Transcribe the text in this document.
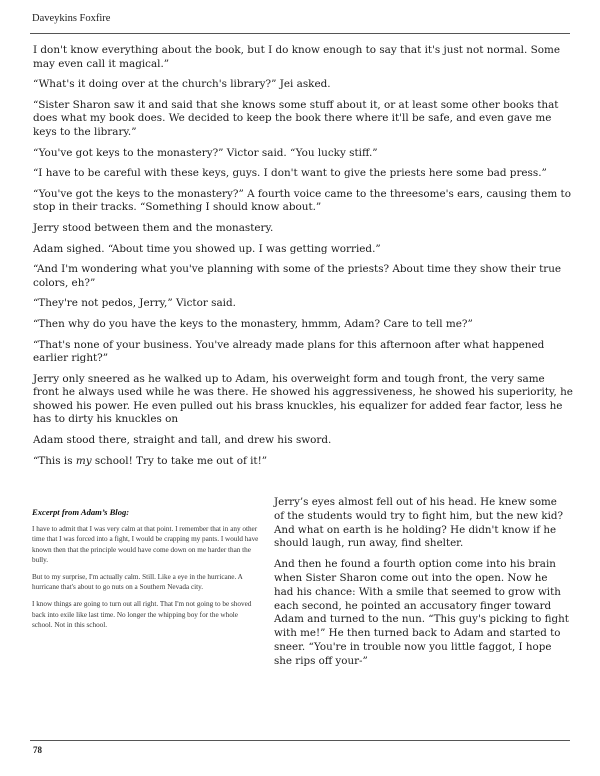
Daveykins Foxfire

I don't know everything about the book, but I do know enough to say that it's just not normal. Some may even call it magical.”

“What's it doing over at the church's library?” Jei asked.

“Sister Sharon saw it and said that she knows some stuff about it, or at least some other books that does what my book does. We decided to keep the book there where it'll be safe, and even gave me keys to the library.”

“You've got keys to the monastery?” Victor said. “You lucky stiff.”

“I have to be careful with these keys, guys. I don't want to give the priests here some bad press.”

“You've got the keys to the monastery?” A fourth voice came to the threesome's ears, causing them to stop in their tracks. “Something I should know about.”

Jerry stood between them and the monastery.

Adam sighed. “About time you showed up. I was getting worried.”

“And I'm wondering what you've planning with some of the priests? About time they show their true colors, eh?”

“They're not pedos, Jerry,” Victor said.

“Then why do you have the keys to the monastery, hmmm, Adam? Care to tell me?”

“That's none of your business. You've already made plans for this afternoon after what happened earlier right?”

Jerry only sneered as he walked up to Adam, his overweight form and tough front, the very same front he always used while he was there. He showed his aggressiveness, he showed his superiority, he showed his power. He even pulled out his brass knuckles, his equalizer for added fear factor, less he has to dirty his knuckles on

Adam stood there, straight and tall, and drew his sword.

“This is my school! Try to take me out of it!”

Excerpt from Adam’s Blog:

I have to admit that I was very calm at that point. I remember that in any other time that I was forced into a fight, I would be crapping my pants. I would have known then that the principle would have come down on me harder than the bully.

But to my surprise, I'm actually calm. Still. Like a eye in the hurricane. A hurricane that's about to go nuts on a Southern Nevada city.

I know things are going to turn out all right. That I'm not going to be shoved back into exile like last time. No longer the whipping boy for the whole school. Not in this school.

Jerry’s eyes almost fell out of his head. He knew some of the students would try to fight him, but the new kid? And what on earth is he holding? He didn't know if he should laugh, run away, find shelter.

And then he found a fourth option come into his brain when Sister Sharon come out into the open. Now he had his chance: With a smile that seemed to grow with each second, he pointed an accusatory finger toward Adam and turned to the nun. “This guy's picking to fight with me!” He then turned back to Adam and started to sneer. “You're in trouble now you little faggot, I hope she rips off your-”

78
